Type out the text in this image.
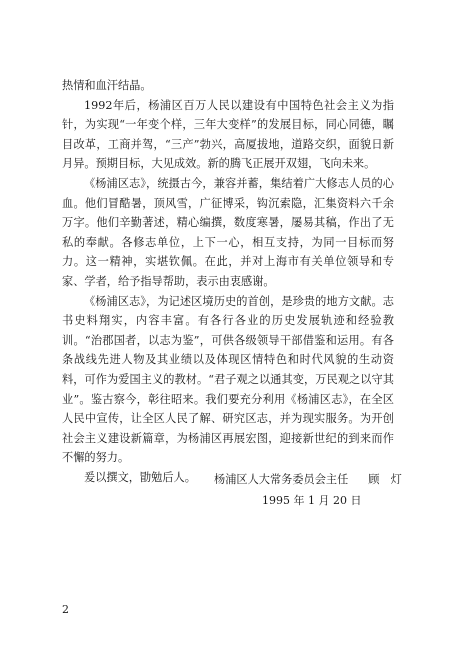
热情和血汗结晶。

1992年后，杨浦区百万人民以建设有中国特色社会主义为指针，为实现“一年变个样，三年大变样”的发展目标，同心同德，瞩目改革，工商并驾，“三产”勃兴，高厦拔地，道路交织，面貌日新月异。预期目标，大见成效。新的腾飞正展开双翅，飞向未来。

《杨浦区志》，统摄古今，兼容并蓄，集结着广大修志人员的心血。他们冒酷暑，顶风雪，广征博采，钩沉索隐，汇集资料六千余万字。他们辛勤著述，精心编撰，数度寒暑，屡易其稿，作出了无私的奉献。各修志单位，上下一心，相互支持，为同一目标而努力。这一精神，实堪钦佩。在此，并对上海市有关单位领导和专家、学者，给予指导帮助，表示由衷感谢。

《杨浦区志》，为记述区境历史的首创，是珍贵的地方文献。志书史料翔实，内容丰富。有各行各业的历史发展轨迹和经验教训。“治郡国者，以志为鉴”，可供各级领导干部借鉴和运用。有各条战线先进人物及其业绩以及体现区情特色和时代风貌的生动资料，可作为爱国主义的教材。“君子观之以通其变，万民观之以守其业”。鉴古察今，彰往昭来。我们要充分利用《杨浦区志》，在全区人民中宣传，让全区人民了解、研究区志，并为现实服务。为开创社会主义建设新篇章，为杨浦区再展宏图，迎接新世纪的到来而作不懈的努力。

爰以撰文，勖勉后人。	杨浦区人大常务委员会主任 顾　灯
1995 年 1 月 20 日
2
